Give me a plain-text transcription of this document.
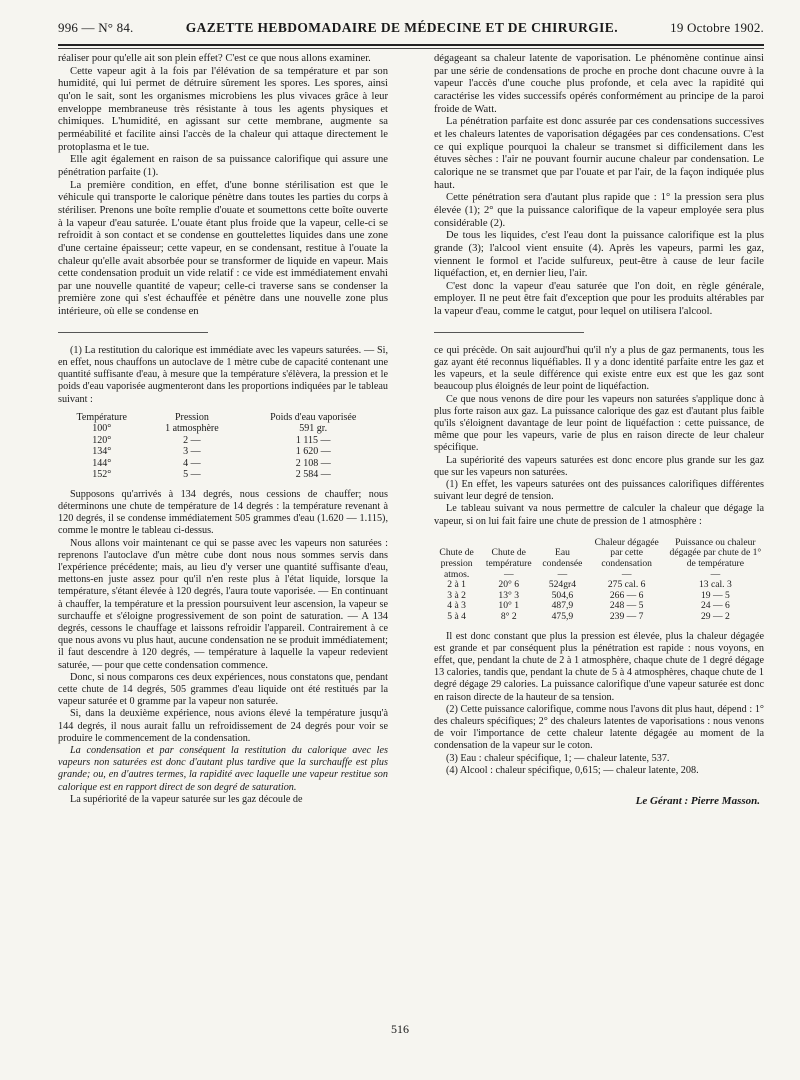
996 — N° 84.	GAZETTE HEBDOMADAIRE DE MÉDECINE ET DE CHIRURGIE.	19 Octobre 1902.

réaliser pour qu'elle ait son plein effet? C'est ce que nous allons examiner.

Cette vapeur agit à la fois par l'élévation de sa température et par son humidité, qui lui permet de détruire sûrement les spores. Les spores, ainsi qu'on le sait, sont les organismes microbiens les plus vivaces grâce à leur enveloppe membraneuse très résistante à tous les agents physiques et chimiques. L'humidité, en agissant sur cette membrane, augmente sa perméabilité et facilite ainsi l'accès de la chaleur qui attaque directement le protoplasma et le tue.

Elle agit également en raison de sa puissance calorifique qui assure une pénétration parfaite (1).

La première condition, en effet, d'une bonne stérilisation est que le véhicule qui transporte le calorique pénètre dans toutes les parties du corps à stériliser. Prenons une boîte remplie d'ouate et soumettons cette boîte ouverte à la vapeur d'eau saturée. L'ouate étant plus froide que la vapeur, celle-ci se refroidit à son contact et se condense en gouttelettes liquides dans une zone d'une certaine épaisseur; cette vapeur, en se condensant, restitue à l'ouate la chaleur qu'elle avait absorbée pour se transformer de liquide en vapeur. Mais cette condensation produit un vide relatif : ce vide est immédiatement envahi par une nouvelle quantité de vapeur; celle-ci traverse sans se condenser la première zone qui s'est échauffée et pénètre dans une nouvelle zone plus intérieure, où elle se condense en

(1) La restitution du calorique est immédiate avec les vapeurs saturées. — Si, en effet, nous chauffons un autoclave de 1 mètre cube de capacité contenant une quantité suffisante d'eau, à mesure que la température s'élèvera, la pression et le poids d'eau vaporisée augmenteront dans les proportions indiquées par le tableau suivant :

Température	Pression	Poids d'eau vaporisée
100°	1 atmosphère	591 gr.
120°	2 —	1 115 —
134°	3 —	1 620 —
144°	4 —	2 108 —
152°	5 —	2 584 —

Supposons qu'arrivés à 134 degrés, nous cessions de chauffer; nous déterminons une chute de température de 14 degrés : la température revenant à 120 degrés, il se condense immédiatement 505 grammes d'eau (1.620 — 1.115), comme le montre le tableau ci-dessus.

Nous allons voir maintenant ce qui se passe avec les vapeurs non saturées : reprenons l'autoclave d'un mètre cube dont nous nous sommes servis dans l'expérience précédente; mais, au lieu d'y verser une quantité suffisante d'eau, mettons-en juste assez pour qu'il n'en reste plus à l'état liquide, lorsque la température, s'étant élevée à 120 degrés, l'aura toute vaporisée. — En continuant à chauffer, la température et la pression poursuivent leur ascension, la vapeur se surchauffe et s'éloigne progressivement de son point de saturation. — A 134 degrés, cessons le chauffage et laissons refroidir l'appareil. Contrairement à ce que nous avons vu plus haut, aucune condensation ne se produit immédiatement; il faut descendre à 120 degrés, — température à laquelle la vapeur redevient saturée, — pour que cette condensation commence.

Donc, si nous comparons ces deux expériences, nous constatons que, pendant cette chute de 14 degrés, 505 grammes d'eau liquide ont été restitués par la vapeur saturée et 0 gramme par la vapeur non saturée.

Si, dans la deuxième expérience, nous avions élevé la température jusqu'à 144 degrés, il nous aurait fallu un refroidissement de 24 degrés pour voir se produire le commencement de la condensation.

La condensation et par conséquent la restitution du calorique avec les vapeurs non saturées est donc d'autant plus tardive que la surchauffe est plus grande; ou, en d'autres termes, la rapidité avec laquelle une vapeur restitue son calorique est en rapport direct de son degré de saturation.

La supériorité de la vapeur saturée sur les gaz découle de

dégageant sa chaleur latente de vaporisation. Le phénomène continue ainsi par une série de condensations de proche en proche dont chacune ouvre à la vapeur l'accès d'une couche plus profonde, et cela avec la rapidité qui caractérise les vides successifs opérés conformément au principe de la paroi froide de Watt.

La pénétration parfaite est donc assurée par ces condensations successives et les chaleurs latentes de vaporisation dégagées par ces condensations. C'est ce qui explique pourquoi la chaleur se transmet si difficilement dans les étuves sèches : l'air ne pouvant fournir aucune chaleur par condensation. Le calorique ne se transmet que par l'ouate et par l'air, de la façon indiquée plus haut.

Cette pénétration sera d'autant plus rapide que : 1° la pression sera plus élevée (1); 2° que la puissance calorifique de la vapeur employée sera plus considérable (2).

De tous les liquides, c'est l'eau dont la puissance calorifique est la plus grande (3); l'alcool vient ensuite (4). Après les vapeurs, parmi les gaz, viennent le formol et l'acide sulfureux, peut-être à cause de leur facile liquéfaction, et, en dernier lieu, l'air.

C'est donc la vapeur d'eau saturée que l'on doit, en règle générale, employer. Il ne peut être fait d'exception que pour les produits altérables par la vapeur d'eau, comme le catgut, pour lequel on utilisera l'alcool.

ce qui précède. On sait aujourd'hui qu'il n'y a plus de gaz permanents, tous les gaz ayant été reconnus liquéfiables. Il y a donc identité parfaite entre les gaz et les vapeurs, et la seule différence qui existe entre eux est que les gaz sont beaucoup plus éloignés de leur point de liquéfaction.

Ce que nous venons de dire pour les vapeurs non saturées s'applique donc à plus forte raison aux gaz. La puissance calorique des gaz est d'autant plus faible qu'ils s'éloignent davantage de leur point de liquéfaction : cette puissance, de même que pour les vapeurs, varie de plus en raison directe de leur chaleur spécifique.

La supériorité des vapeurs saturées est donc encore plus grande sur les gaz que sur les vapeurs non saturées.

(1) En effet, les vapeurs saturées ont des puissances calorifiques différentes suivant leur degré de tension.

Le tableau suivant va nous permettre de calculer la chaleur que dégage la vapeur, si on lui fait faire une chute de pression de 1 atmosphère :

Chute de pression	Chute de température	Eau condensée	Chaleur dégagée par cette condensation	Puissance ou chaleur dégagée par chute de 1° de température
atmos.	—	—	—	—
2 à 1	20° 6	524gr4	275 cal. 6	13 cal. 3
3 à 2	13° 3	504,6	266 — 6	19 — 5
4 à 3	10° 1	487,9	248 — 5	24 — 6
5 à 4	8° 2	475,9	239 — 7	29 — 2

Il est donc constant que plus la pression est élevée, plus la chaleur dégagée est grande et par conséquent plus la pénétration est rapide : nous voyons, en effet, que, pendant la chute de 2 à 1 atmosphère, chaque chute de 1 degré dégage 13 calories, tandis que, pendant la chute de 5 à 4 atmosphères, chaque chute de 1 degré dégage 29 calories. La puissance calorifique d'une vapeur saturée est donc en raison directe de la hauteur de sa tension.

(2) Cette puissance calorifique, comme nous l'avons dit plus haut, dépend : 1° des chaleurs spécifiques; 2° des chaleurs latentes de vaporisations : nous venons de voir l'importance de cette chaleur latente dégagée au moment de la condensation de la vapeur sur le coton.

(3) Eau : chaleur spécifique, 1; — chaleur latente, 537.

(4) Alcool : chaleur spécifique, 0,615; — chaleur latente, 208.

Le Gérant : Pierre Masson.
516
